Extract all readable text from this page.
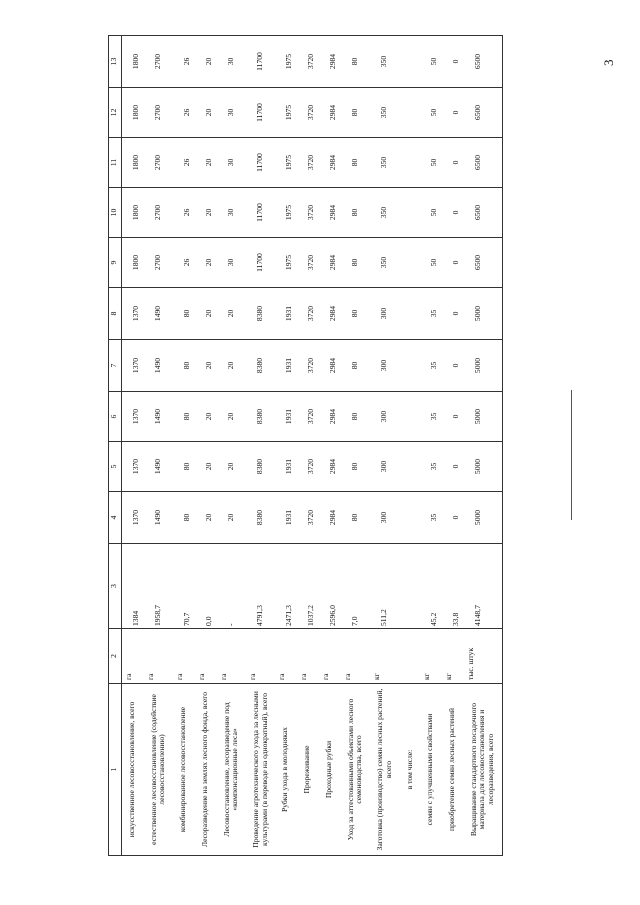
3
1	2	3	4	5	6	7	8	9	10	11	12	13
искусственное лесовосстановление, всего	га	1384	1370	1370	1370	1370	1370	1800	1800	1800	1800	1800
естественное лесовосстановление (содействие лесовосстановлению)	га	1958,7	1490	1490	1490	1490	1490	2700	2700	2700	2700	2700
комбинированное лесовосстановление	га	70,7	80	80	80	80	80	26	26	26	26	26
Лесоразведение на землях лесного фонда, всего	га	0,0	20	20	20	20	20	20	20	20	20	20
Лесовосстановление, лесоразведение под «компенсационные леса»	га	-	20	20	20	20	20	30	30	30	30	30
Проведение агротехнического ухода за лесными культурами (в переводе на однократный), всего	га	4791,3	8380	8380	8380	8380	8380	11700	11700	11700	11700	11700
Рубки ухода в молодняках	га	2471,3	1931	1931	1931	1931	1931	1975	1975	1975	1975	1975
Прореживание	га	1037,2	3720	3720	3720	3720	3720	3720	3720	3720	3720	3720
Проходные рубки	га	2596,0	2984	2984	2984	2984	2984	2984	2984	2984	2984	2984
Уход за аттестованными объектами лесного семеноводства, всего	га	7,0	80	80	80	80	80	80	80	80	80	80
Заготовка (производство) семян лесных растений, всего	кг	511,2	300	300	300	300	300	350	350	350	350	350
в том числе:												
семян с улучшенными свойствами	кг	45,2	35	35	35	35	35	50	50	50	50	50
приобретение семян лесных растений	кг	33,8	0	0	0	0	0	0	0	0	0	0
Выращивание стандартного посадочного материала для лесовосстановления и лесоразведения, всего	тыс. штук	4148,7	5000	5000	5000	5000	5000	6500	6500	6500	6500	6500
